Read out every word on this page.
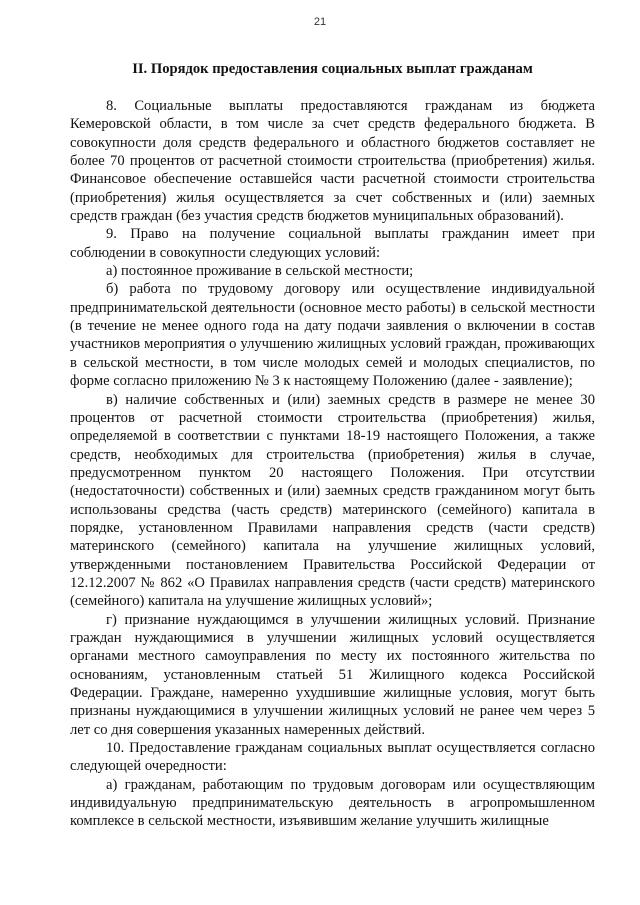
21
II. Порядок предоставления социальных выплат гражданам

8. Социальные выплаты предоставляются гражданам из бюджета Кемеровской области, в том числе за счет средств федерального бюджета. В совокупности доля средств федерального и областного бюджетов составляет не более 70 процентов от расчетной стоимости строительства (приобретения) жилья. Финансовое обеспечение оставшейся части расчетной стоимости строительства (приобретения) жилья осуществляется за счет собственных и (или) заемных средств граждан (без участия средств бюджетов муниципальных образований).

9. Право на получение социальной выплаты гражданин имеет при соблюдении в совокупности следующих условий:

а) постоянное проживание в сельской местности;

б) работа по трудовому договору или осуществление индивидуальной предпринимательской деятельности (основное место работы) в сельской местности (в течение не менее одного года на дату подачи заявления о включении в состав участников мероприятия о улучшению жилищных условий граждан, проживающих в сельской местности, в том числе молодых семей и молодых специалистов, по форме согласно приложению № 3 к настоящему Положению (далее - заявление);

в) наличие собственных и (или) заемных средств в размере не менее 30 процентов от расчетной стоимости строительства (приобретения) жилья, определяемой в соответствии с пунктами 18-19 настоящего Положения, а также средств, необходимых для строительства (приобретения) жилья в случае, предусмотренном пунктом 20 настоящего Положения. При отсутствии (недостаточности) собственных и (или) заемных средств гражданином могут быть использованы средства (часть средств) материнского (семейного) капитала в порядке, установленном Правилами направления средств (части средств) материнского (семейного) капитала на улучшение жилищных условий, утвержденными постановлением Правительства Российской Федерации от 12.12.2007 № 862 «О Правилах направления средств (части средств) материнского (семейного) капитала на улучшение жилищных условий»;

г) признание нуждающимся в улучшении жилищных условий. Признание граждан нуждающимися в улучшении жилищных условий осуществляется органами местного самоуправления по месту их постоянного жительства по основаниям, установленным статьей 51 Жилищного кодекса Российской Федерации. Граждане, намеренно ухудшившие жилищные условия, могут быть признаны нуждающимися в улучшении жилищных условий не ранее чем через 5 лет со дня совершения указанных намеренных действий.

10. Предоставление гражданам социальных выплат осуществляется согласно следующей очередности:

а) гражданам, работающим по трудовым договорам или осуществляющим индивидуальную предпринимательскую деятельность в агропромышленном комплексе в сельской местности, изъявившим желание улучшить жилищные
